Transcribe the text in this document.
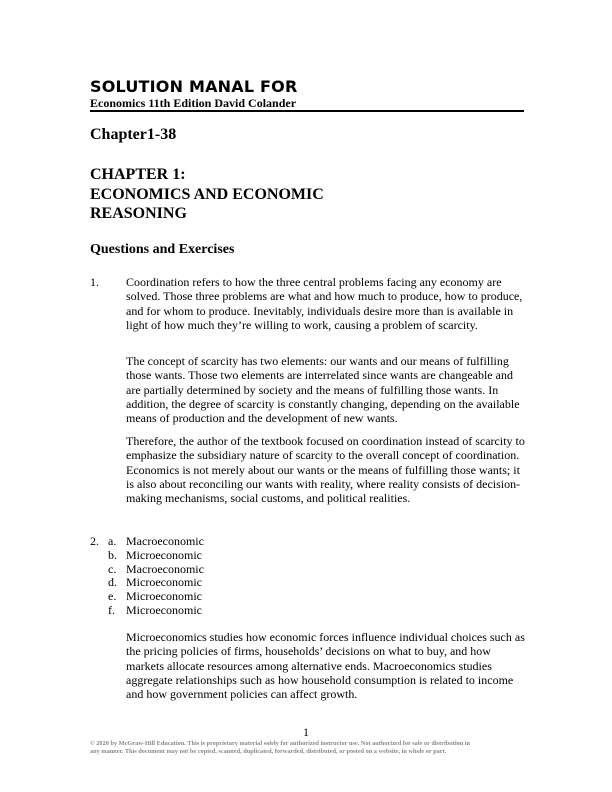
SOLUTION MANAL FOR
Economics 11th Edition David Colander
Chapter1-38
CHAPTER 1:
ECONOMICS AND ECONOMIC
REASONING
Questions and Exercises
1. Coordination refers to how the three central problems facing any economy are solved. Those three problems are what and how much to produce, how to produce, and for whom to produce. Inevitably, individuals desire more than is available in light of how much they’re willing to work, causing a problem of scarcity.
The concept of scarcity has two elements: our wants and our means of fulfilling those wants. Those two elements are interrelated since wants are changeable and are partially determined by society and the means of fulfilling those wants. In addition, the degree of scarcity is constantly changing, depending on the available means of production and the development of new wants.
Therefore, the author of the textbook focused on coordination instead of scarcity to emphasize the subsidiary nature of scarcity to the overall concept of coordination. Economics is not merely about our wants or the means of fulfilling those wants; it is also about reconciling our wants with reality, where reality consists of decision-making mechanisms, social customs, and political realities.
2. a. Macroeconomic
b. Microeconomic
c. Macroeconomic
d. Microeconomic
e. Microeconomic
f. Microeconomic
Microeconomics studies how economic forces influence individual choices such as the pricing policies of firms, households’ decisions on what to buy, and how markets allocate resources among alternative ends. Macroeconomics studies aggregate relationships such as how household consumption is related to income and how government policies can affect growth.
1
© 2020 by McGraw-Hill Education. This is proprietary material solely for authorized instructor use. Not authorized for sale or distribution in
any manner. This document may not be copied, scanned, duplicated, forwarded, distributed, or posted on a website, in whole or part.
